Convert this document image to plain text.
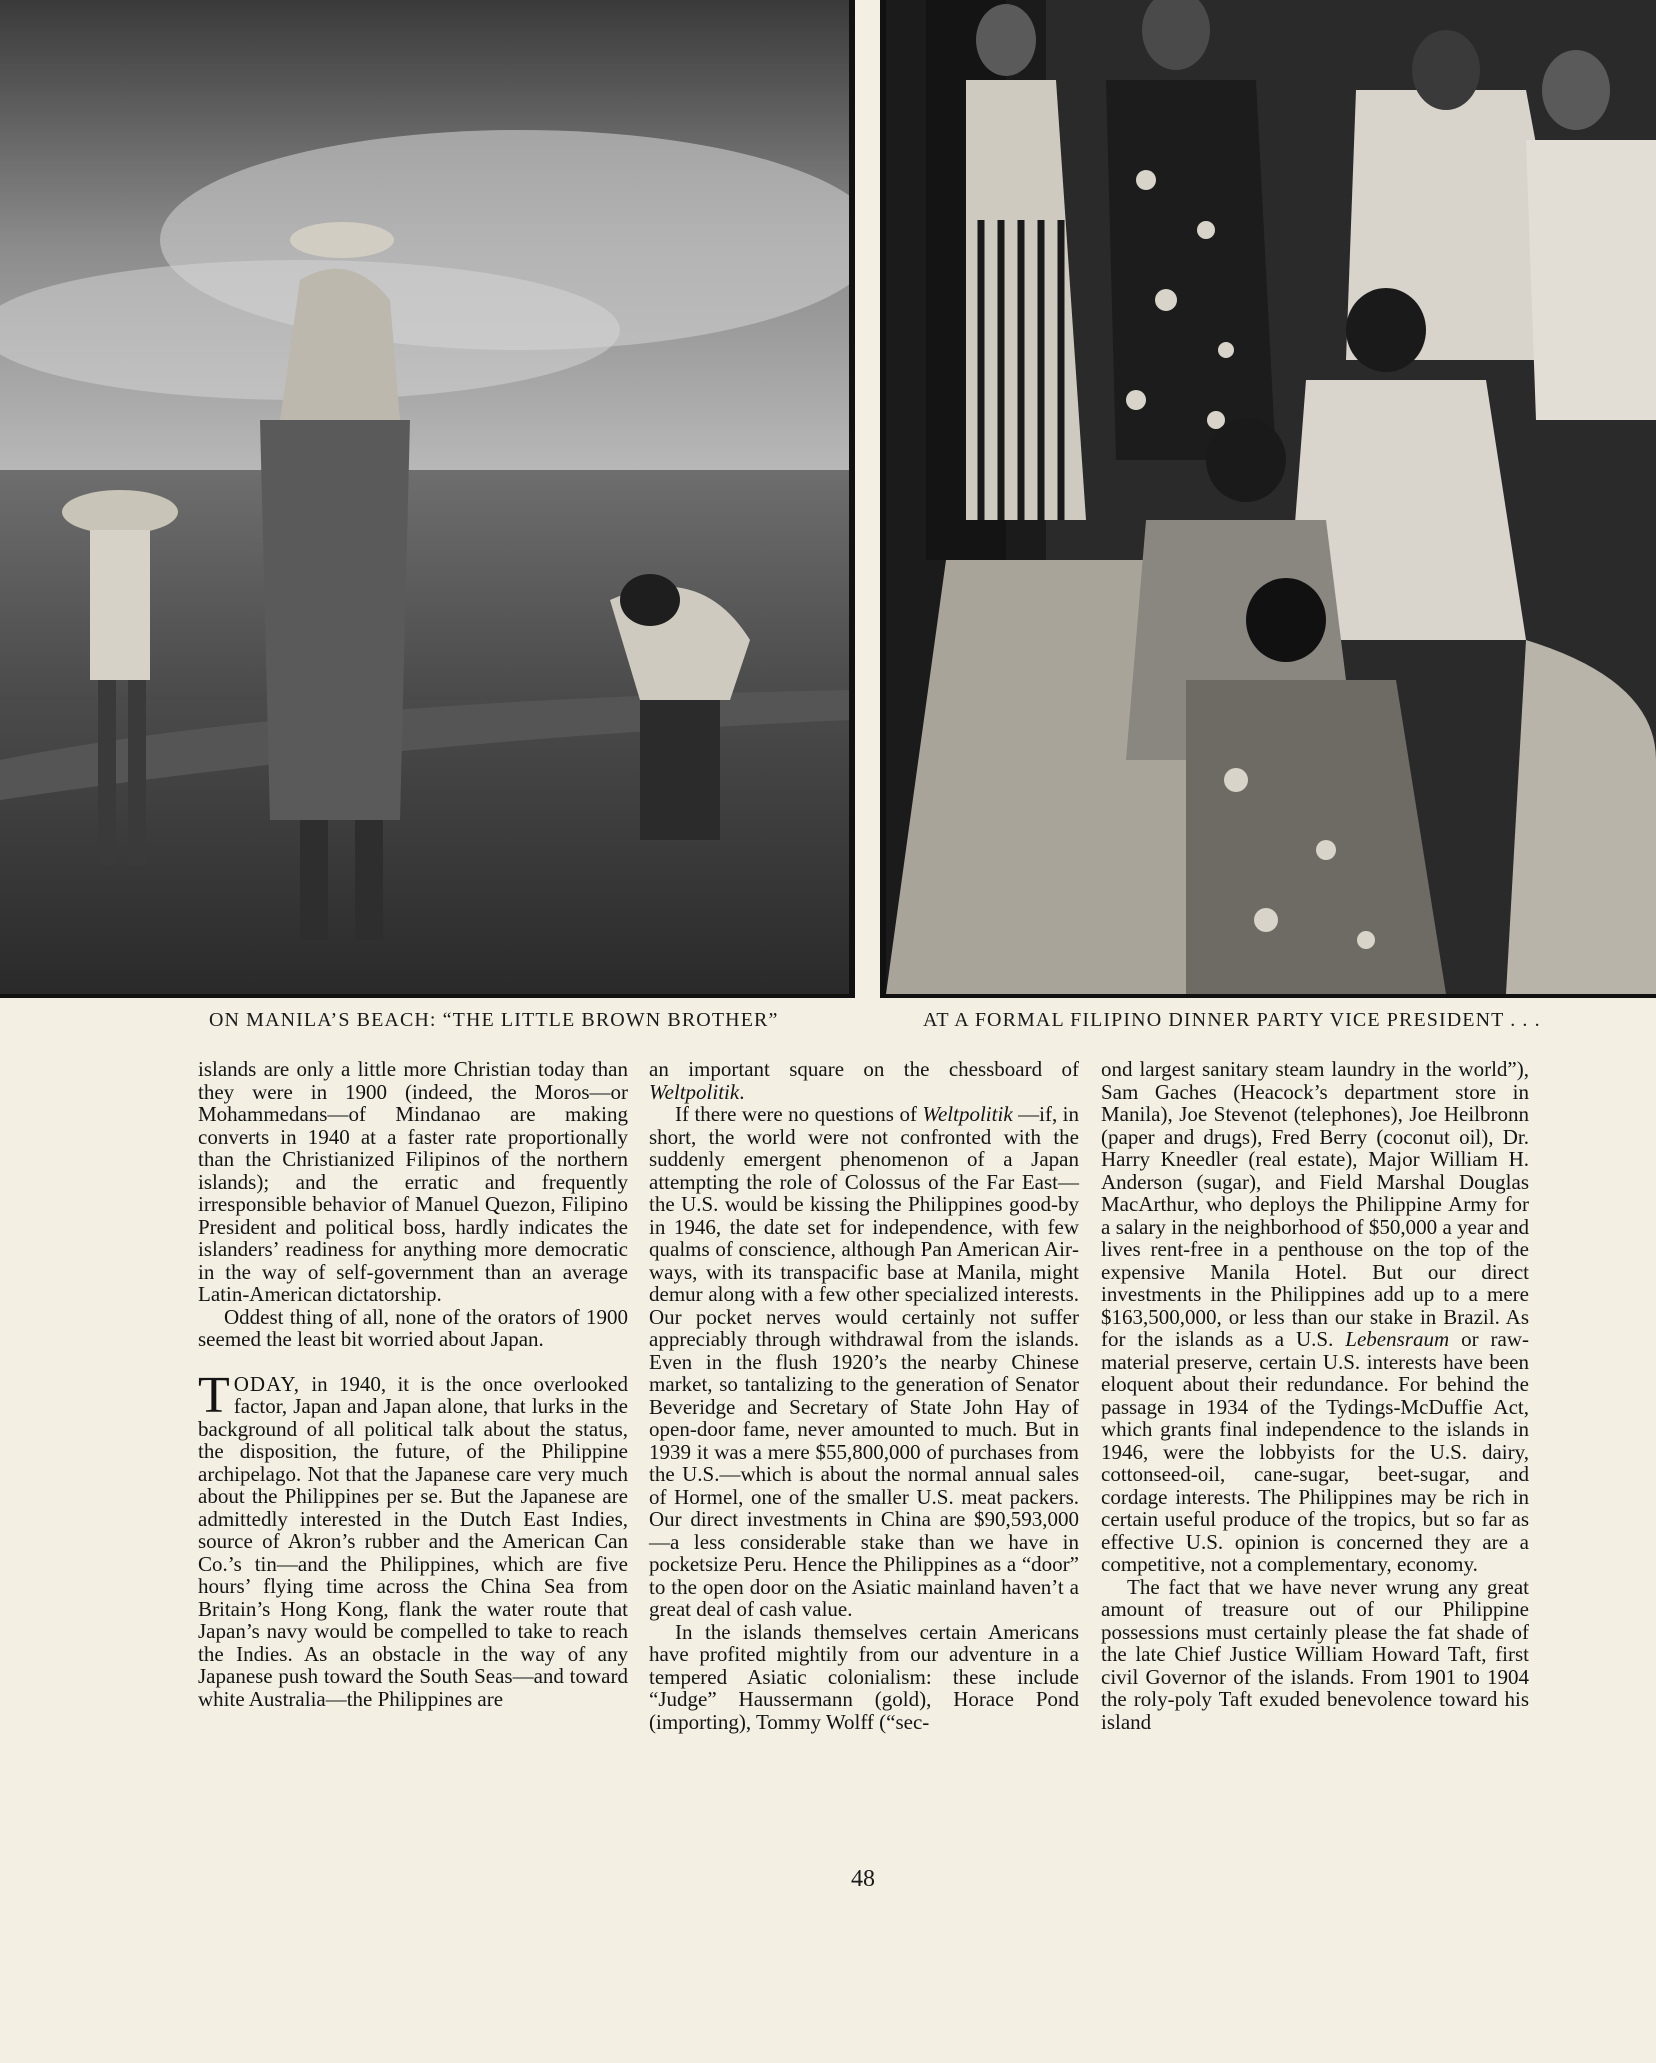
ON MANILA’S BEACH: “THE LITTLE BROWN BROTHER”	AT A FORMAL FILIPINO DINNER PARTY VICE PRESIDENT . . .

islands are only a little more Christian today than they were in 1900 (indeed, the Moros—or Mohammedans—of Mindanao are making converts in 1940 at a faster rate proportionally than the Christianized Filipinos of the northern islands); and the erratic and frequently irresponsible behavior of Manuel Quezon, Filipino President and political boss, hardly indicates the islanders’ readiness for anything more democratic in the way of self-government than an average Latin-American dictatorship.

Oddest thing of all, none of the orators of 1900 seemed the least bit worried about Japan.

TODAY, in 1940, it is the once overlooked factor, Japan and Japan alone, that lurks in the background of all political talk about the status, the disposition, the future, of the Philippine archipelago. Not that the Japanese care very much about the Philippines per se. But the Japanese are admittedly interested in the Dutch East Indies, source of Akron’s rubber and the American Can Co.’s tin—and the Philippines, which are five hours’ flying time across the China Sea from Britain’s Hong Kong, flank the water route that Japan’s navy would be compelled to take to reach the Indies. As an obstacle in the way of any Japanese push toward the South Seas—and toward white Australia—the Philippines are

an important square on the chessboard of Weltpolitik.

If there were no questions of Weltpolitik —if, in short, the world were not confronted with the suddenly emergent phenomenon of a Japan attempting the role of Colossus of the Far East—the U.S. would be kissing the Philippines good-by in 1946, the date set for independence, with few qualms of conscience, although Pan American Airways, with its transpacific base at Manila, might demur along with a few other specialized interests. Our pocket nerves would certainly not suffer appreciably through withdrawal from the islands. Even in the flush 1920’s the nearby Chinese market, so tantalizing to the generation of Senator Beveridge and Secretary of State John Hay of open-door fame, never amounted to much. But in 1939 it was a mere $55,800,000 of purchases from the U.S.—which is about the normal annual sales of Hormel, one of the smaller U.S. meat packers. Our direct investments in China are $90,593,000—a less considerable stake than we have in pocketsize Peru. Hence the Philippines as a “door” to the open door on the Asiatic mainland haven’t a great deal of cash value.

In the islands themselves certain Americans have profited mightily from our adventure in a tempered Asiatic colonialism: these include “Judge” Haussermann (gold), Horace Pond (importing), Tommy Wolff (“sec-

ond largest sanitary steam laundry in the world”), Sam Gaches (Heacock’s department store in Manila), Joe Stevenot (telephones), Joe Heilbronn (paper and drugs), Fred Berry (coconut oil), Dr. Harry Kneedler (real estate), Major William H. Anderson (sugar), and Field Marshal Douglas MacArthur, who deploys the Philippine Army for a salary in the neighborhood of $50,000 a year and lives rent-free in a penthouse on the top of the expensive Manila Hotel. But our direct investments in the Philippines add up to a mere $163,500,000, or less than our stake in Brazil. As for the islands as a U.S. Lebensraum or raw-material preserve, certain U.S. interests have been eloquent about their redundance. For behind the passage in 1934 of the Tydings-McDuffie Act, which grants final independence to the islands in 1946, were the lobbyists for the U.S. dairy, cottonseed-oil, cane-sugar, beet-sugar, and cordage interests. The Philippines may be rich in certain useful produce of the tropics, but so far as effective U.S. opinion is concerned they are a competitive, not a complementary, economy.

The fact that we have never wrung any great amount of treasure out of our Philippine possessions must certainly please the fat shade of the late Chief Justice William Howard Taft, first civil Governor of the islands. From 1901 to 1904 the roly-poly Taft exuded benevolence toward his island

48
